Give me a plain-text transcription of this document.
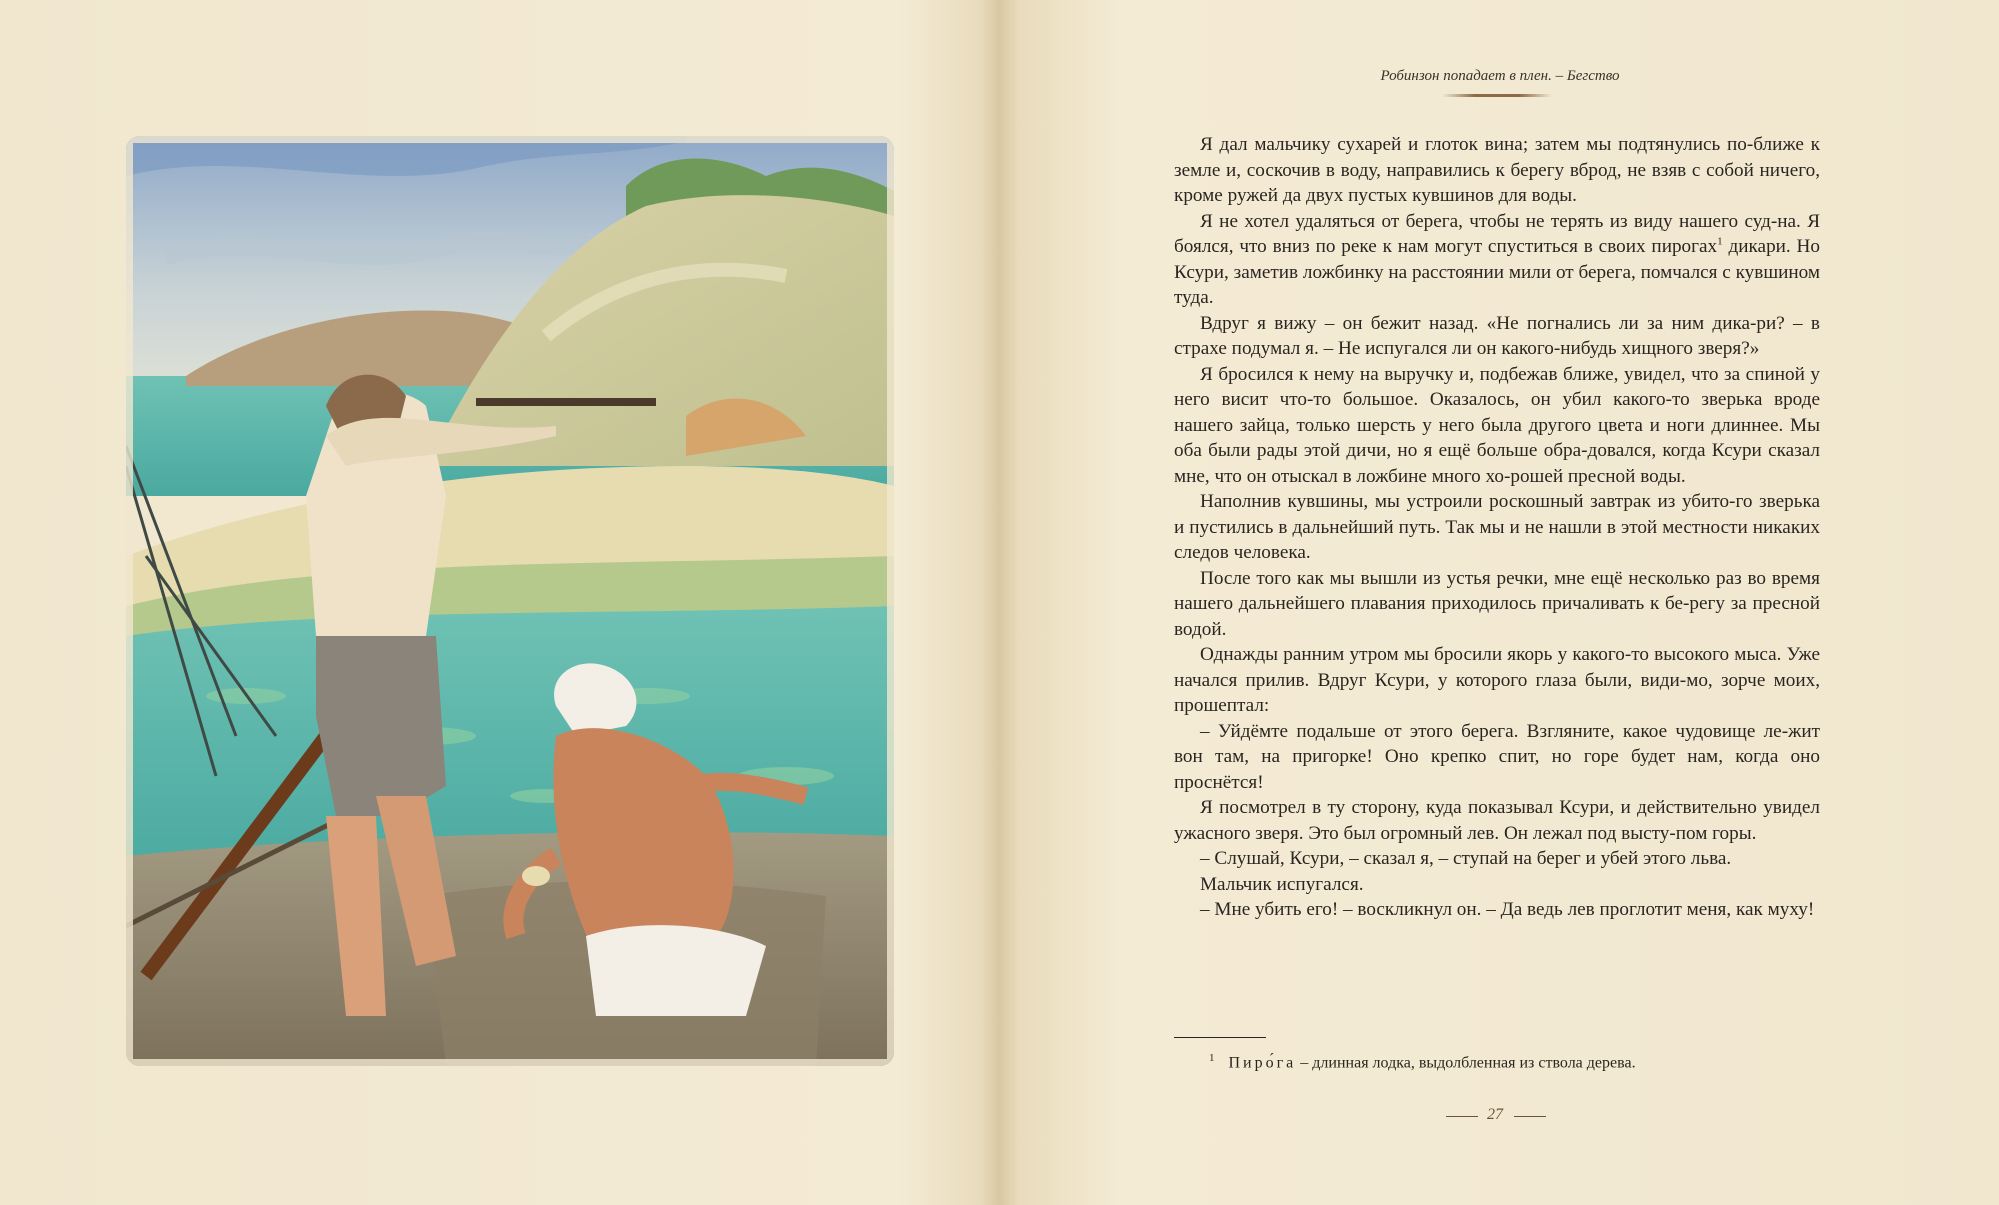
Робинзон попадает в плен. – Бегство

Я дал мальчику сухарей и глоток вина; затем мы подтянулись по-ближе к земле и, соскочив в воду, направились к берегу вброд, не взяв с собой ничего, кроме ружей да двух пустых кувшинов для воды.

Я не хотел удаляться от берега, чтобы не терять из виду нашего суд-на. Я боялся, что вниз по реке к нам могут спуститься в своих пирогах$^1$ дикари. Но Ксури, заметив ложбинку на расстоянии мили от берега, помчался с кувшином туда.

Вдруг я вижу – он бежит назад. «Не погнались ли за ним дика-ри? – в страхе подумал я. – Не испугался ли он какого-нибудь хищного зверя?»

Я бросился к нему на выручку и, подбежав ближе, увидел, что за спиной у него висит что-то большое. Оказалось, он убил какого-то зверька вроде нашего зайца, только шерсть у него была другого цвета и ноги длиннее. Мы оба были рады этой дичи, но я ещё больше обра-довался, когда Ксури сказал мне, что он отыскал в ложбине много хо-рошей пресной воды.

Наполнив кувшины, мы устроили роскошный завтрак из убито-го зверька и пустились в дальнейший путь. Так мы и не нашли в этой местности никаких следов человека.

После того как мы вышли из устья речки, мне ещё несколько раз во время нашего дальнейшего плавания приходилось причаливать к бе-регу за пресной водой.

Однажды ранним утром мы бросили якорь у какого-то высокого мыса. Уже начался прилив. Вдруг Ксури, у которого глаза были, види-мо, зорче моих, прошептал:

– Уйдёмте подальше от этого берега. Взгляните, какое чудовище ле-жит вон там, на пригорке! Оно крепко спит, но горе будет нам, когда оно проснётся!

Я посмотрел в ту сторону, куда показывал Ксури, и действительно увидел ужасного зверя. Это был огромный лев. Он лежал под высту-пом горы.

– Слушай, Ксури, – сказал я, – ступай на берег и убей этого льва.

Мальчик испугался.

– Мне убить его! – воскликнул он. – Да ведь лев проглотит меня, как муху!

$^1$ Пиро́га – длинная лодка, выдолбленная из ствола дерева.
27
